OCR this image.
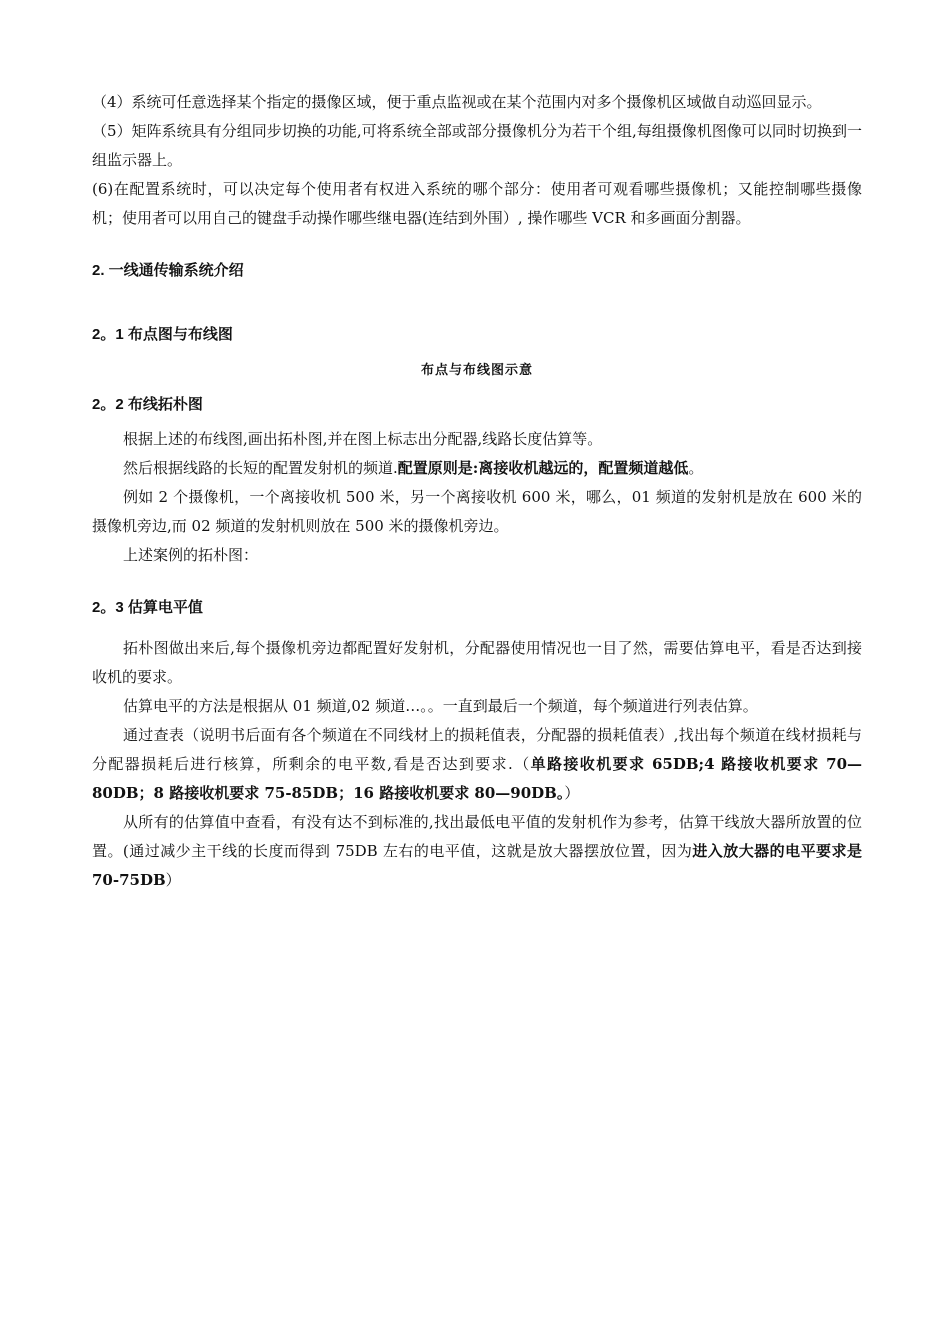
（4）系统可任意选择某个指定的摄像区域，便于重点监视或在某个范围内对多个摄像机区域做自动巡回显示。

（5）矩阵系统具有分组同步切换的功能,可将系统全部或部分摄像机分为若干个组,每组摄像机图像可以同时切换到一组监示器上。

(6)在配置系统时，可以决定每个使用者有权进入系统的哪个部分：使用者可观看哪些摄像机；又能控制哪些摄像机；使用者可以用自己的键盘手动操作哪些继电器(连结到外围）, 操作哪些 VCR 和多画面分割器。

2. 一线通传输系统介绍

2。1 布点图与布线图

布点与布线图示意

2。2 布线拓朴图

根据上述的布线图,画出拓朴图,并在图上标志出分配器,线路长度估算等。

然后根据线路的长短的配置发射机的频道.配置原则是:离接收机越远的，配置频道越低。

例如 2 个摄像机，一个离接收机 500 米，另一个离接收机 600 米，哪么，01 频道的发射机是放在 600 米的摄像机旁边,而 02 频道的发射机则放在 500 米的摄像机旁边。

上述案例的拓朴图：

2。3 估算电平值

拓朴图做出来后,每个摄像机旁边都配置好发射机，分配器使用情况也一目了然，需要估算电平，看是否达到接收机的要求。

估算电平的方法是根据从 01 频道,02 频道…。。一直到最后一个频道，每个频道进行列表估算。

通过查表（说明书后面有各个频道在不同线材上的损耗值表，分配器的损耗值表）,找出每个频道在线材损耗与分配器损耗后进行核算，所剩余的电平数,看是否达到要求.（单路接收机要求 65DB;4 路接收机要求 70—80DB；8 路接收机要求 75-85DB；16 路接收机要求 80—90DB。）

从所有的估算值中查看，有没有达不到标准的,找出最低电平值的发射机作为参考，估算干线放大器所放置的位置。(通过减少主干线的长度而得到 75DB 左右的电平值，这就是放大器摆放位置，因为进入放大器的电平要求是 70-75DB）
